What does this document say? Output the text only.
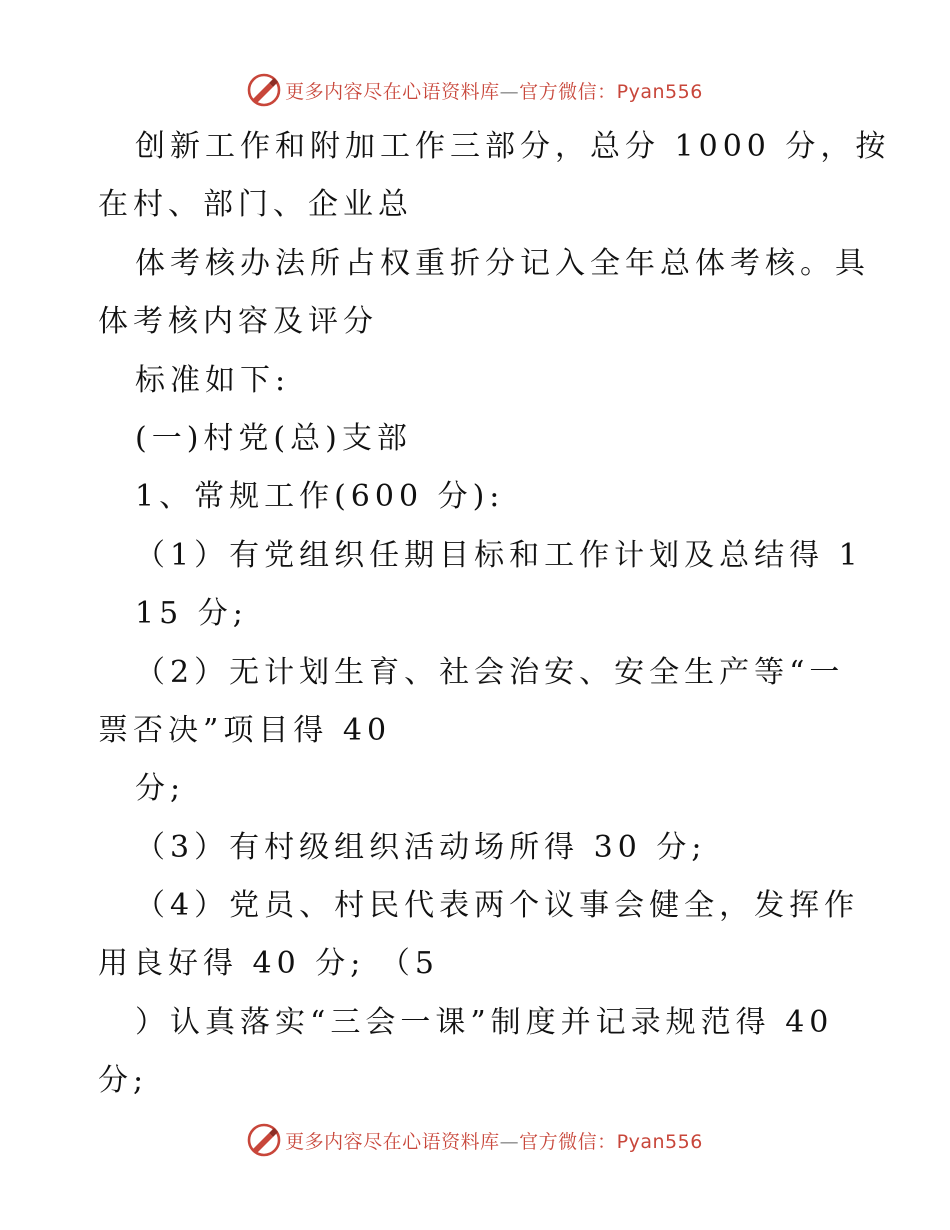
更多内容尽在心语资料库—官方微信：Pyan556
创新工作和附加工作三部分，总分 1000 分，按
在村、部门、企业总
体考核办法所占权重折分记入全年总体考核。具
体考核内容及评分
标准如下:
(一)村党(总)支部
1、常规工作(600 分):
（1）有党组织任期目标和工作计划及总结得 1
15 分;
（2）无计划生育、社会治安、安全生产等“一
票否决”项目得 40
分;
（3）有村级组织活动场所得 30 分;
（4）党员、村民代表两个议事会健全，发挥作
用良好得 40 分; （5
）认真落实“三会一课”制度并记录规范得 40
分;
更多内容尽在心语资料库—官方微信：Pyan556
